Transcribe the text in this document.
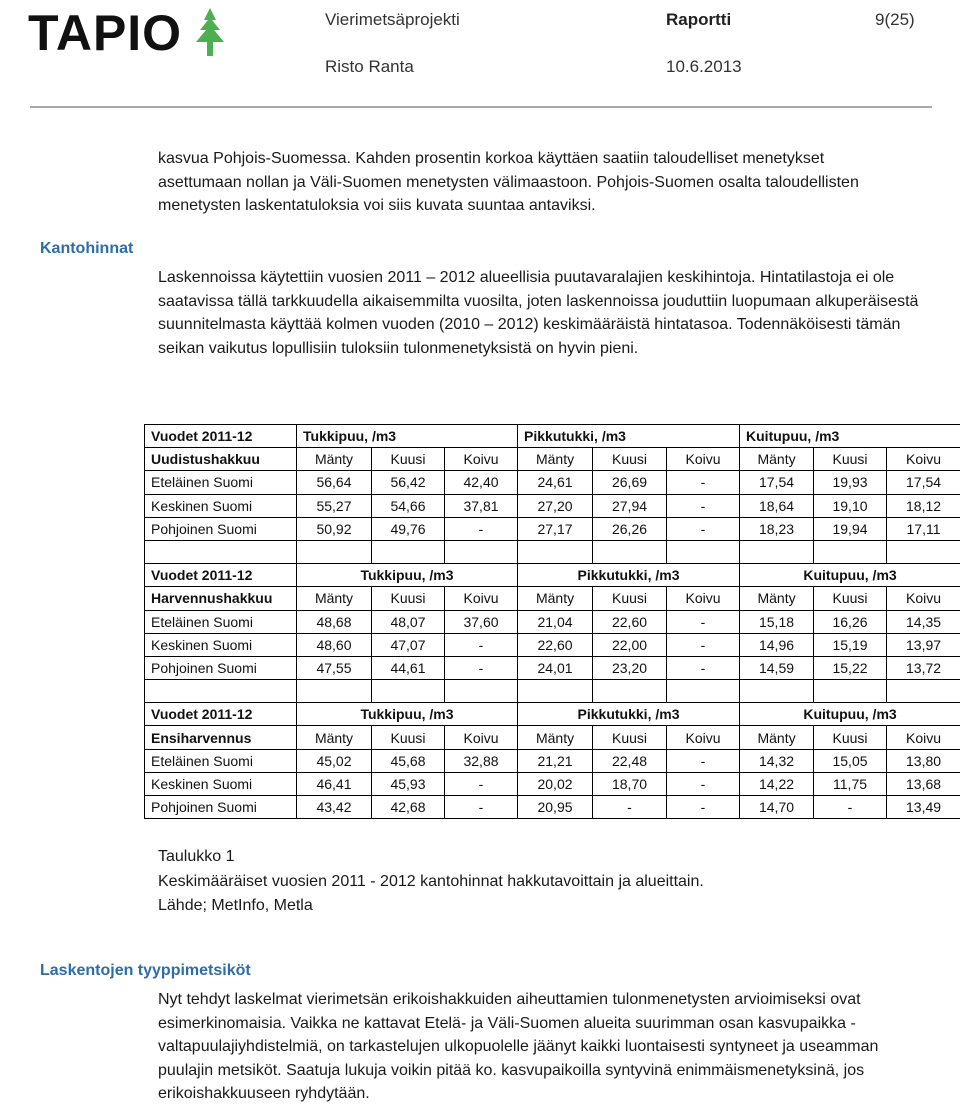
TAPIO	Vierimetsäprojekti	Raportti	9(25)
Risto Ranta	10.6.2013
kasvua Pohjois-Suomessa. Kahden prosentin korkoa käyttäen saatiin taloudelliset menetykset asettumaan nollan ja Väli-Suomen menetysten välimaastoon. Pohjois-Suomen osalta taloudellisten menetysten laskentatuloksia voi siis kuvata suuntaa antaviksi.
Kantohinnat
Laskennoissa käytettiin vuosien 2011 – 2012 alueellisia puutavaralajien keskihintoja. Hintatilastoja ei ole saatavissa tällä tarkkuudella aikaisemmilta vuosilta, joten laskennoissa jouduttiin luopumaan alkuperäisestä suunnitelmasta käyttää kolmen vuoden (2010 – 2012) keskimääräistä hintatasoa. Todennäköisesti tämän seikan vaikutus lopullisiin tuloksiin tulonmenetyksistä on hyvin pieni.
Vuodet 2011-12	Tukkipuu, /m3			Pikkutukki, /m3			Kuitupuu, /m3		
Uudistushakkuu	Mänty	Kuusi	Koivu	Mänty	Kuusi	Koivu	Mänty	Kuusi	Koivu
Eteläinen Suomi	56,64	56,42	42,40	24,61	26,69	-	17,54	19,93	17,54
Keskinen Suomi	55,27	54,66	37,81	27,20	27,94	-	18,64	19,10	18,12
Pohjoinen Suomi	50,92	49,76	-	27,17	26,26	-	18,23	19,94	17,11

Vuodet 2011-12	Tukkipuu, /m3			Pikkutukki, /m3			Kuitupuu, /m3		
Harvennushakkuu	Mänty	Kuusi	Koivu	Mänty	Kuusi	Koivu	Mänty	Kuusi	Koivu
Eteläinen Suomi	48,68	48,07	37,60	21,04	22,60	-	15,18	16,26	14,35
Keskinen Suomi	48,60	47,07	-	22,60	22,00	-	14,96	15,19	13,97
Pohjoinen Suomi	47,55	44,61	-	24,01	23,20	-	14,59	15,22	13,72

Vuodet 2011-12	Tukkipuu, /m3			Pikkutukki, /m3			Kuitupuu, /m3		
Ensiharvennus	Mänty	Kuusi	Koivu	Mänty	Kuusi	Koivu	Mänty	Kuusi	Koivu
Eteläinen Suomi	45,02	45,68	32,88	21,21	22,48	-	14,32	15,05	13,80
Keskinen Suomi	46,41	45,93	-	20,02	18,70	-	14,22	11,75	13,68
Pohjoinen Suomi	43,42	42,68	-	20,95	-	-	14,70	-	13,49
Taulukko 1
Keskimääräiset vuosien 2011 - 2012 kantohinnat hakkutavoittain ja alueittain.
Lähde; MetInfo, Metla
Laskentojen tyyppimetsiköt
Nyt tehdyt laskelmat vierimetsän erikoishakkuiden aiheuttamien tulonmenetysten arvioimiseksi ovat esimerkinomaisia. Vaikka ne kattavat Etelä- ja Väli-Suomen alueita suurimman osan kasvupaikka -valtapuulajiyhdistelmiä, on tarkastelujen ulkopuolelle jäänyt kaikki luontaisesti syntyneet ja useamman puulajin metsiköt. Saatuja lukuja voikin pitää ko. kasvupaikoilla syntyvinä enimmäismenetyksinä, jos erikoishakkuuseen ryhdytään.
